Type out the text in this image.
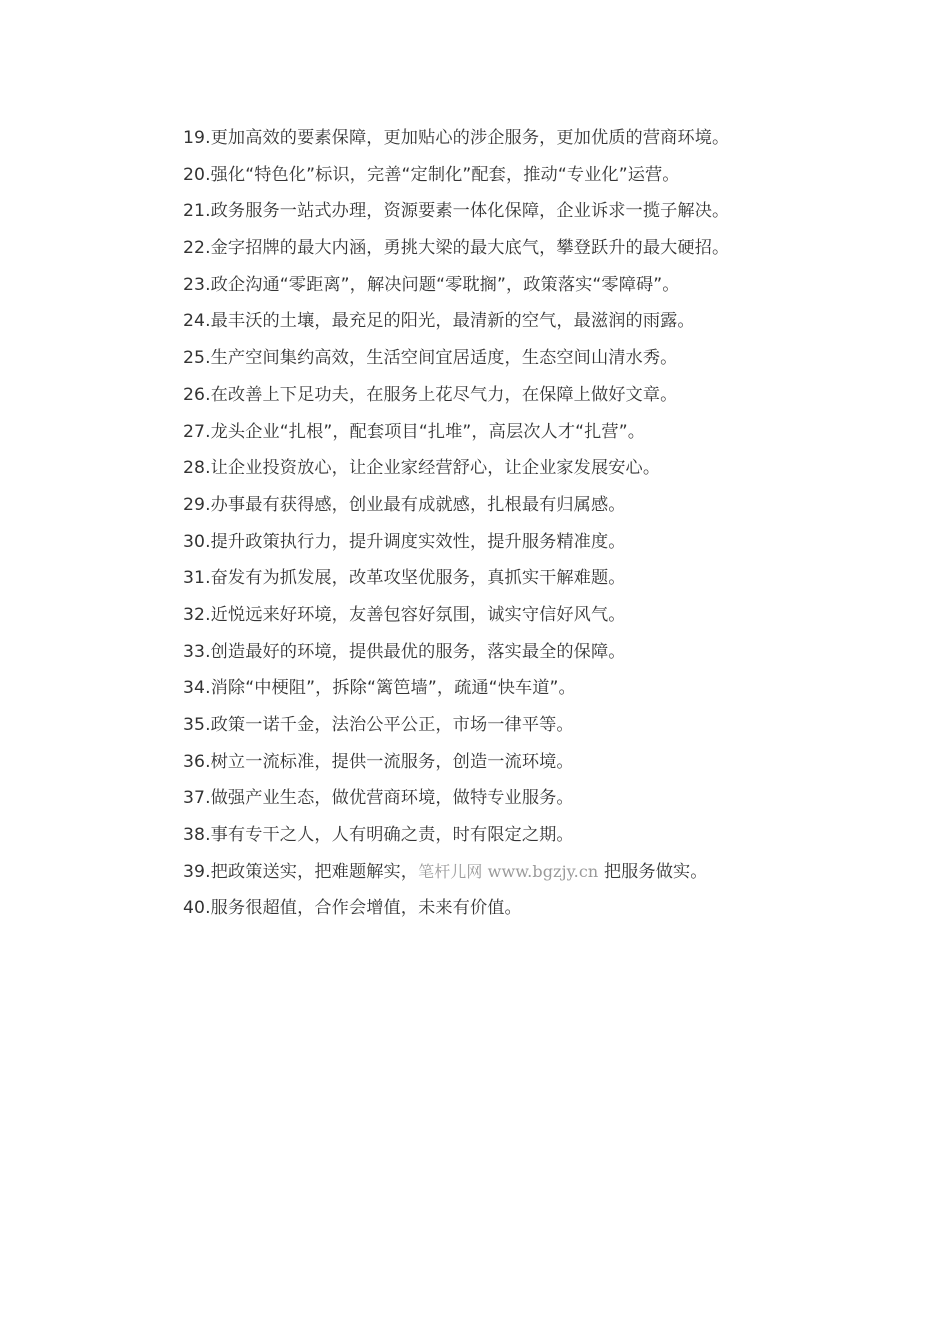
19.更加高效的要素保障，更加贴心的涉企服务，更加优质的营商环境。
20.强化“特色化”标识，完善“定制化”配套，推动“专业化”运营。
21.政务服务一站式办理，资源要素一体化保障，企业诉求一揽子解决。
22.金字招牌的最大内涵，勇挑大梁的最大底气，攀登跃升的最大硬招。
23.政企沟通“零距离”，解决问题“零耽搁”，政策落实“零障碍”。
24.最丰沃的土壤，最充足的阳光，最清新的空气，最滋润的雨露。
25.生产空间集约高效，生活空间宜居适度，生态空间山清水秀。
26.在改善上下足功夫，在服务上花尽气力，在保障上做好文章。
27.龙头企业“扎根”，配套项目“扎堆”，高层次人才“扎营”。
28.让企业投资放心，让企业家经营舒心，让企业家发展安心。
29.办事最有获得感，创业最有成就感，扎根最有归属感。
30.提升政策执行力，提升调度实效性，提升服务精准度。
31.奋发有为抓发展，改革攻坚优服务，真抓实干解难题。
32.近悦远来好环境，友善包容好氛围，诚实守信好风气。
33.创造最好的环境，提供最优的服务，落实最全的保障。
34.消除“中梗阻”，拆除“篱笆墙”，疏通“快车道”。
35.政策一诺千金，法治公平公正，市场一律平等。
36.树立一流标准，提供一流服务，创造一流环境。
37.做强产业生态，做优营商环境，做特专业服务。
38.事有专干之人，人有明确之责，时有限定之期。
39.把政策送实，把难题解实，笔杆儿网 www.bgzjy.cn 把服务做实。
40.服务很超值，合作会增值，未来有价值。
